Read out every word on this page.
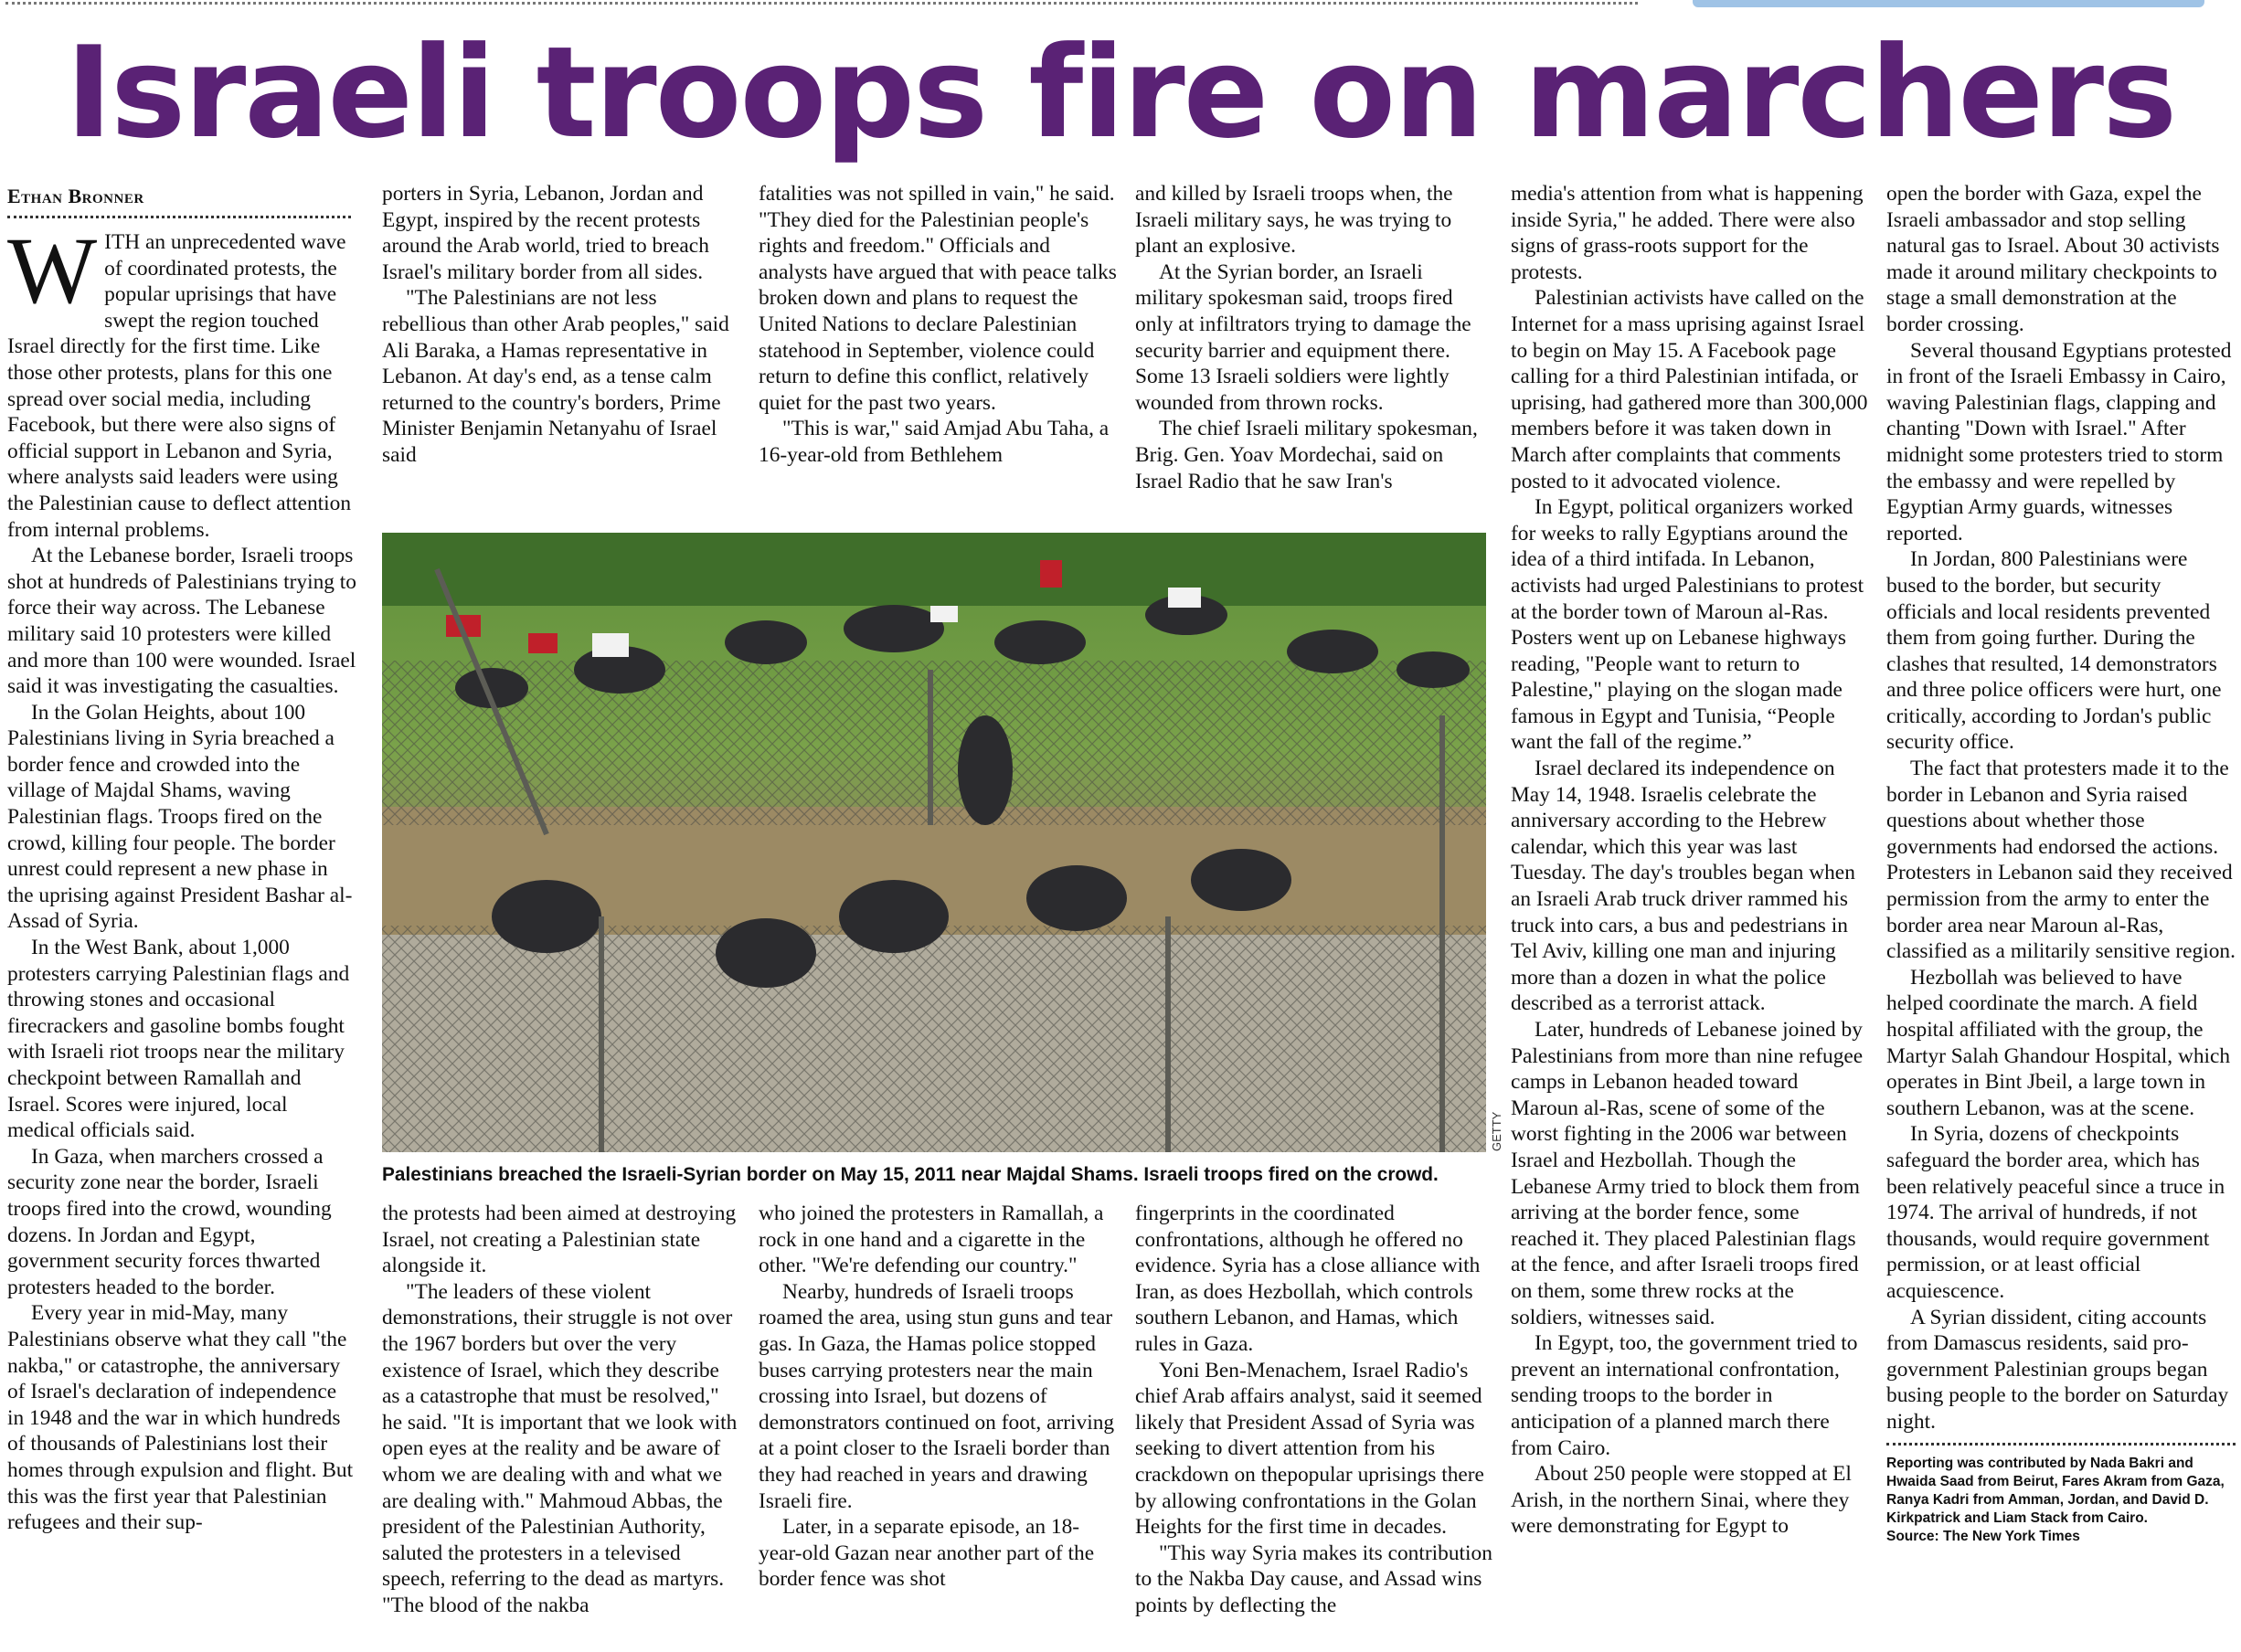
Israeli troops fire on marchers
Ethan Bronner

WITH an unprecedented wave of coordinated protests, the popular uprisings that have swept the region touched Israel directly for the first time. Like those other protests, plans for this one spread over social media, including Facebook, but there were also signs of official support in Lebanon and Syria, where analysts said leaders were using the Palestinian cause to deflect attention from internal problems.

At the Lebanese border, Israeli troops shot at hundreds of Palestinians trying to force their way across. The Lebanese military said 10 protesters were killed and more than 100 were wounded. Israel said it was investigating the casualties.

In the Golan Heights, about 100 Palestinians living in Syria breached a border fence and crowded into the village of Majdal Shams, waving Palestinian flags. Troops fired on the crowd, killing four people. The border unrest could represent a new phase in the uprising against President Bashar al-Assad of Syria.

In the West Bank, about 1,000 protesters carrying Palestinian flags and throwing stones and occasional firecrackers and gasoline bombs fought with Israeli riot troops near the military checkpoint between Ramallah and Israel. Scores were injured, local medical officials said.

In Gaza, when marchers crossed a security zone near the border, Israeli troops fired into the crowd, wounding dozens. In Jordan and Egypt, government security forces thwarted protesters headed to the border.

Every year in mid-May, many Palestinians observe what they call "the nakba," or catastrophe, the anniversary of Israel's declaration of independence in 1948 and the war in which hundreds of thousands of Palestinians lost their homes through expulsion and flight. But this was the first year that Palestinian refugees and their sup-

porters in Syria, Lebanon, Jordan and Egypt, inspired by the recent protests around the Arab world, tried to breach Israel's military border from all sides.

"The Palestinians are not less rebellious than other Arab peoples," said Ali Baraka, a Hamas representative in Lebanon. At day's end, as a tense calm returned to the country's borders, Prime Minister Benjamin Netanyahu of Israel said

fatalities was not spilled in vain," he said. "They died for the Palestinian people's rights and freedom." Officials and analysts have argued that with peace talks broken down and plans to request the United Nations to declare Palestinian statehood in September, violence could return to define this conflict, relatively quiet for the past two years.

"This is war," said Amjad Abu Taha, a 16-year-old from Bethlehem

and killed by Israeli troops when, the Israeli military says, he was trying to plant an explosive.

At the Syrian border, an Israeli military spokesman said, troops fired only at infiltrators trying to damage the security barrier and equipment there. Some 13 Israeli soldiers were lightly wounded from thrown rocks.

The chief Israeli military spokesman, Brig. Gen. Yoav Mordechai, said on Israel Radio that he saw Iran's

GETTY
Palestinians breached the Israeli-Syrian border on May 15, 2011 near Majdal Shams. Israeli troops fired on the crowd.

the protests had been aimed at destroying Israel, not creating a Palestinian state alongside it.

"The leaders of these violent demonstrations, their struggle is not over the 1967 borders but over the very existence of Israel, which they describe as a catastrophe that must be resolved," he said. "It is important that we look with open eyes at the reality and be aware of whom we are dealing with and what we are dealing with." Mahmoud Abbas, the president of the Palestinian Authority, saluted the protesters in a televised speech, referring to the dead as martyrs. "The blood of the nakba

who joined the protesters in Ramallah, a rock in one hand and a cigarette in the other. "We're defending our country."

Nearby, hundreds of Israeli troops roamed the area, using stun guns and tear gas. In Gaza, the Hamas police stopped buses carrying protesters near the main crossing into Israel, but dozens of demonstrators continued on foot, arriving at a point closer to the Israeli border than they had reached in years and drawing Israeli fire.

Later, in a separate episode, an 18-year-old Gazan near another part of the border fence was shot

fingerprints in the coordinated confrontations, although he offered no evidence. Syria has a close alliance with Iran, as does Hezbollah, which controls southern Lebanon, and Hamas, which rules in Gaza.

Yoni Ben-Menachem, Israel Radio's chief Arab affairs analyst, said it seemed likely that President Assad of Syria was seeking to divert attention from his crackdown on thepopular uprisings there by allowing confrontations in the Golan Heights for the first time in decades.

"This way Syria makes its contribution to the Nakba Day cause, and Assad wins points by deflecting the

media's attention from what is happening inside Syria," he added. There were also signs of grass-roots support for the protests.

Palestinian activists have called on the Internet for a mass uprising against Israel to begin on May 15. A Facebook page calling for a third Palestinian intifada, or uprising, had gathered more than 300,000 members before it was taken down in March after complaints that comments posted to it advocated violence.

In Egypt, political organizers worked for weeks to rally Egyptians around the idea of a third intifada. In Lebanon, activists had urged Palestinians to protest at the border town of Maroun al-Ras. Posters went up on Lebanese highways reading, "People want to return to Palestine," playing on the slogan made famous in Egypt and Tunisia, “People want the fall of the regime.”

Israel declared its independence on May 14, 1948. Israelis celebrate the anniversary according to the Hebrew calendar, which this year was last Tuesday. The day's troubles began when an Israeli Arab truck driver rammed his truck into cars, a bus and pedestrians in Tel Aviv, killing one man and injuring more than a dozen in what the police described as a terrorist attack.

Later, hundreds of Lebanese joined by Palestinians from more than nine refugee camps in Lebanon headed toward Maroun al-Ras, scene of some of the worst fighting in the 2006 war between Israel and Hezbollah. Though the Lebanese Army tried to block them from arriving at the border fence, some reached it. They placed Palestinian flags at the fence, and after Israeli troops fired on them, some threw rocks at the soldiers, witnesses said.

In Egypt, too, the government tried to prevent an international confrontation, sending troops to the border in anticipation of a planned march there from Cairo.

About 250 people were stopped at El Arish, in the northern Sinai, where they were demonstrating for Egypt to

open the border with Gaza, expel the Israeli ambassador and stop selling natural gas to Israel. About 30 activists made it around military checkpoints to stage a small demonstration at the border crossing.

Several thousand Egyptians protested in front of the Israeli Embassy in Cairo, waving Palestinian flags, clapping and chanting "Down with Israel." After midnight some protesters tried to storm the embassy and were repelled by Egyptian Army guards, witnesses reported.

In Jordan, 800 Palestinians were bused to the border, but security officials and local residents prevented them from going further. During the clashes that resulted, 14 demonstrators and three police officers were hurt, one critically, according to Jordan's public security office.

The fact that protesters made it to the border in Lebanon and Syria raised questions about whether those governments had endorsed the actions. Protesters in Lebanon said they received permission from the army to enter the border area near Maroun al-Ras, classified as a militarily sensitive region.

Hezbollah was believed to have helped coordinate the march. A field hospital affiliated with the group, the Martyr Salah Ghandour Hospital, which operates in Bint Jbeil, a large town in southern Lebanon, was at the scene.

In Syria, dozens of checkpoints safeguard the border area, which has been relatively peaceful since a truce in 1974. The arrival of hundreds, if not thousands, would require government permission, or at least official acquiescence.

A Syrian dissident, citing accounts from Damascus residents, said pro-government Palestinian groups began busing people to the border on Saturday night.

Reporting was contributed by Nada Bakri and Hwaida Saad from Beirut, Fares Akram from Gaza, Ranya Kadri from Amman, Jordan, and David D. Kirkpatrick and Liam Stack from Cairo.
Source: The New York Times
